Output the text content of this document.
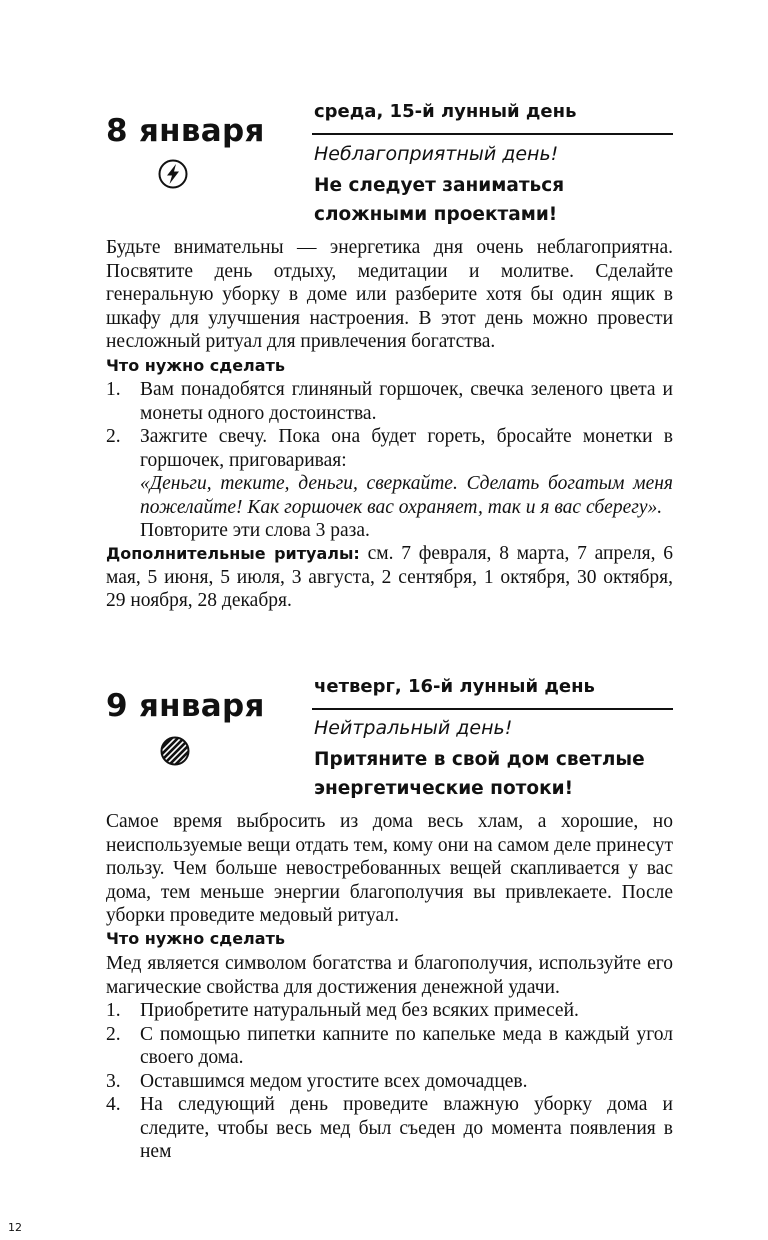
8 января
среда, 15-й лунный день
Неблагоприятный день!
Не следует заниматься сложными проектами!
Будьте внимательны — энергетика дня очень неблагоприятна. Посвятите день отдыху, медитации и молитве. Сделайте генеральную уборку в доме или разберите хотя бы один ящик в шкафу для улучшения настроения. В этот день можно провести несложный ритуал для привлечения богатства.
Что нужно сделать
1. Вам понадобятся глиняный горшочек, свечка зеленого цвета и монеты одного достоинства.
2. Зажгите свечу. Пока она будет гореть, бросайте монетки в горшочек, приговаривая:
«Деньги, теките, деньги, сверкайте. Сделать богатым меня пожелайте! Как горшочек вас охраняет, так и я вас сберегу».
Повторите эти слова 3 раза.
Дополнительные ритуалы: см. 7 февраля, 8 марта, 7 апреля, 6 мая, 5 июня, 5 июля, 3 августа, 2 сентября, 1 октября, 30 октября, 29 ноября, 28 декабря.
9 января
четверг, 16-й лунный день
Нейтральный день!
Притяните в свой дом светлые энергетические потоки!
Самое время выбросить из дома весь хлам, а хорошие, но неиспользуемые вещи отдать тем, кому они на самом деле принесут пользу. Чем больше невостребованных вещей скапливается у вас дома, тем меньше энергии благополучия вы привлекаете. После уборки проведите медовый ритуал.
Что нужно сделать
Мед является символом богатства и благополучия, используйте его магические свойства для достижения денежной удачи.
1. Приобретите натуральный мед без всяких примесей.
2. С помощью пипетки капните по капельке меда в каждый угол своего дома.
3. Оставшимся медом угостите всех домочадцев.
4. На следующий день проведите влажную уборку дома и следите, чтобы весь мед был съеден до момента появления в нем
12
